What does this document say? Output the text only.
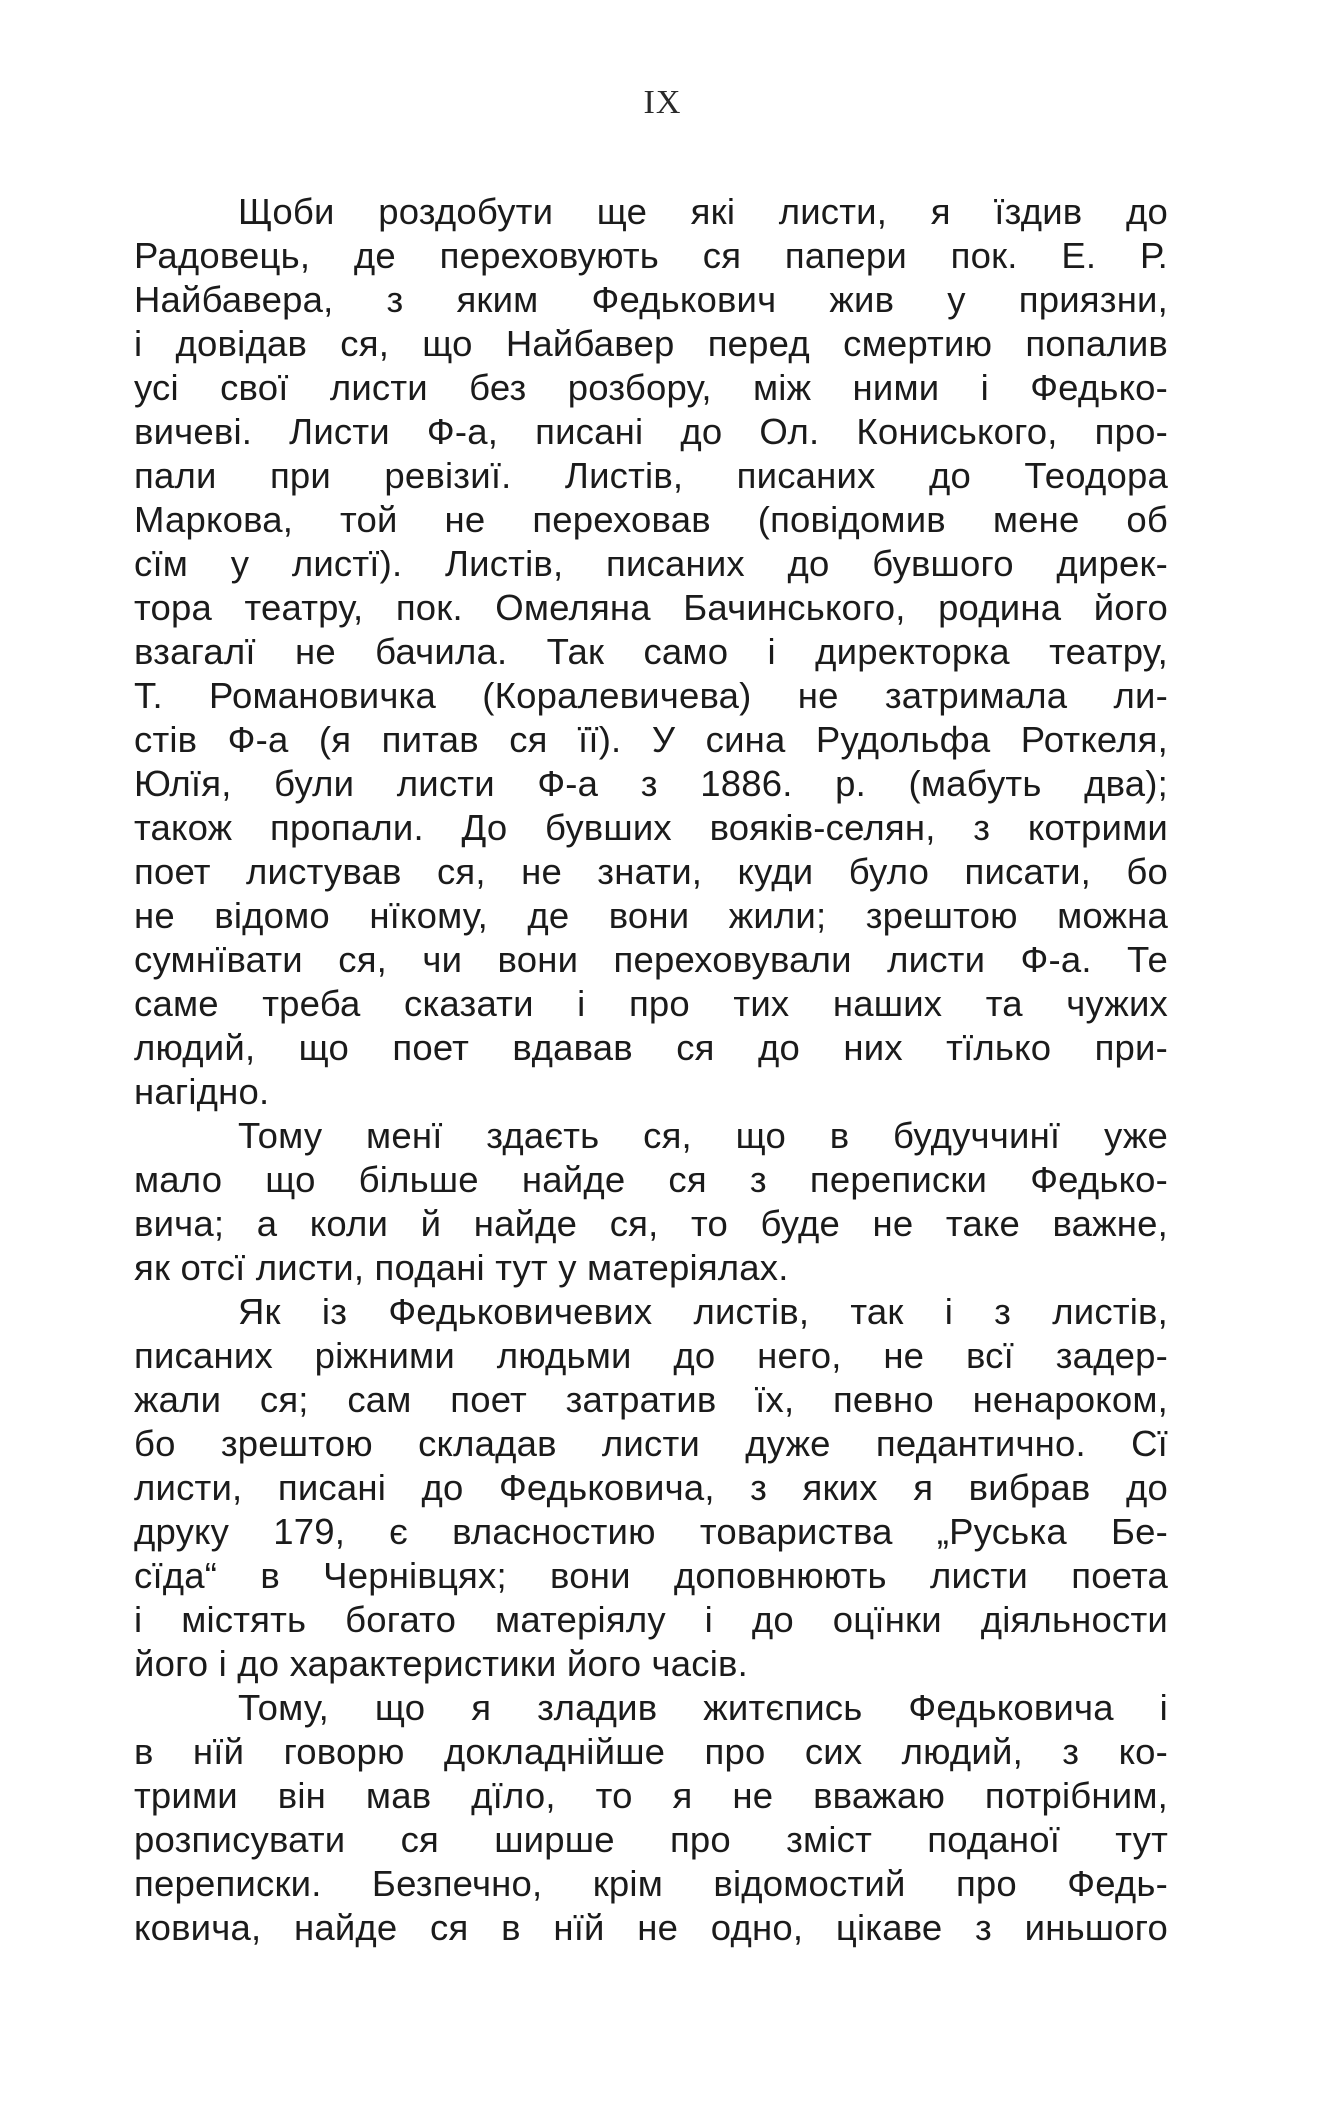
IX
Щоби роздобути ще які листи, я їздив до
Радовець, де переховують ся папери пок. Е. Р.
Найбавера, з яким Федькович жив у приязни,
і довідав ся, що Найбавер перед смертию попалив
усі свої листи без розбору, між ними і Федько-
вичеві. Листи Ф-а, писані до Ол. Кониського, про-
пали при ревізиї. Листів, писаних до Теодора
Маркова, той не переховав (повідомив мене об
сїм у листї). Листів, писаних до бувшого дирек-
тора театру, пок. Омеляна Бачинського, родина його
взагалї не бачила. Так само і директорка театру,
Т. Романовичка (Коралевичева) не затримала ли-
стів Ф-а (я питав ся її). У сина Рудольфа Роткеля,
Юлїя, були листи Ф-а з 1886. р. (мабуть два);
також пропали. До бувших вояків-селян, з котрими
поет листував ся, не знати, куди було писати, бо
не відомо нїкому, де вони жили; зрештою можна
сумнївати ся, чи вони переховували листи Ф-а. Те
саме треба сказати і про тих наших та чужих
людий, що поет вдавав ся до них тїлько при-
нагідно.
Тому менї здаєть ся, що в будуччинї уже
мало що більше найде ся з переписки Федько-
вича; а коли й найде ся, то буде не таке важне,
як отсї листи, подані тут у матеріялах.
Як із Федьковичевих листів, так і з листів,
писаних ріжними людьми до него, не всї задер-
жали ся; сам поет затратив їх, певно ненароком,
бо зрештою складав листи дуже педантично. Сї
листи, писані до Федьковича, з яких я вибрав до
друку 179, є власностию товариства „Руська Бе-
сїда“ в Чернівцях; вони доповнюють листи поета
і містять богато матеріялу і до оцїнки діяльности
його і до характеристики його часів.
Тому, що я зладив житєпись Федьковича і
в нїй говорю докладнійше про сих людий, з ко-
трими він мав дїло, то я не вважаю потрібним,
розписувати ся ширше про зміст поданої тут
переписки. Безпечно, крім відомостий про Федь-
ковича, найде ся в нїй не одно, цікаве з иньшого
